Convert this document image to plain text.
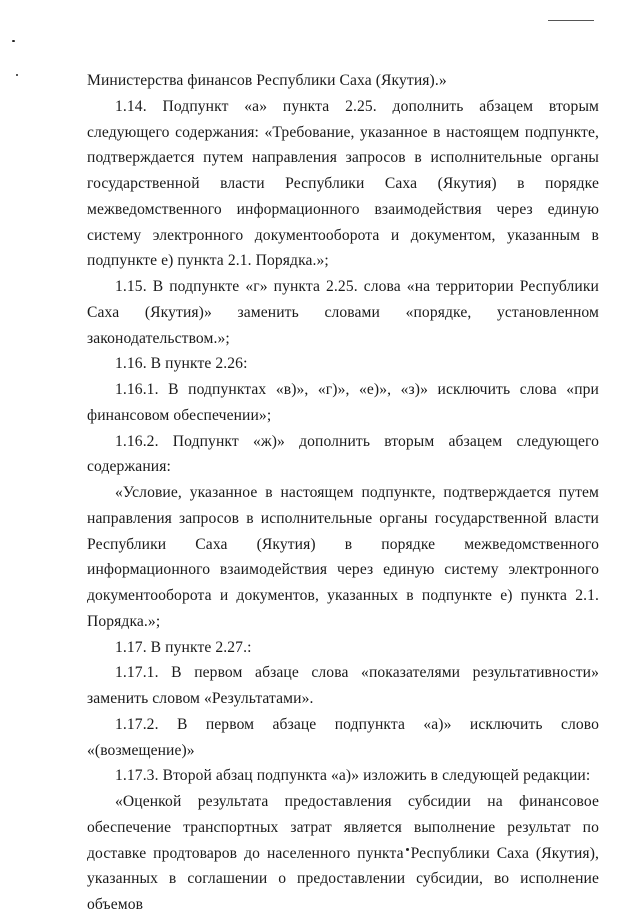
Министерства финансов Республики Саха (Якутия).»

1.14. Подпункт «а» пункта 2.25. дополнить абзацем вторым следующего содержания: «Требование, указанное в настоящем подпункте, подтверждается путем направления запросов в исполнительные органы государственной власти Республики Саха (Якутия) в порядке межведомственного информационного взаимодействия через единую систему электронного документооборота и документом, указанным в подпункте е) пункта 2.1. Порядка.»;

1.15. В подпункте «г» пункта 2.25. слова «на территории Республики Саха (Якутия)» заменить словами «порядке, установленном законодательством.»;

1.16. В пункте 2.26:

1.16.1. В подпунктах «в)», «г)», «е)», «з)» исключить слова «при финансовом обеспечении»;

1.16.2. Подпункт «ж)» дополнить вторым абзацем следующего содержания:

«Условие, указанное в настоящем подпункте, подтверждается путем направления запросов в исполнительные органы государственной власти Республики Саха (Якутия) в порядке межведомственного информационного взаимодействия через единую систему электронного документооборота и документов, указанных в подпункте е) пункта 2.1. Порядка.»;

1.17. В пункте 2.27.:

1.17.1. В первом абзаце слова «показателями результативности» заменить словом «Результатами».

1.17.2. В первом абзаце подпункта «а)» исключить слово «(возмещение)»

1.17.3. Второй абзац подпункта «а)» изложить в следующей редакции:

«Оценкой результата предоставления субсидии на финансовое обеспечение транспортных затрат является выполнение результат по доставке продтоваров до населенного пункта Республики Саха (Якутия), указанных в соглашении о предоставлении субсидии, во исполнение объемов
